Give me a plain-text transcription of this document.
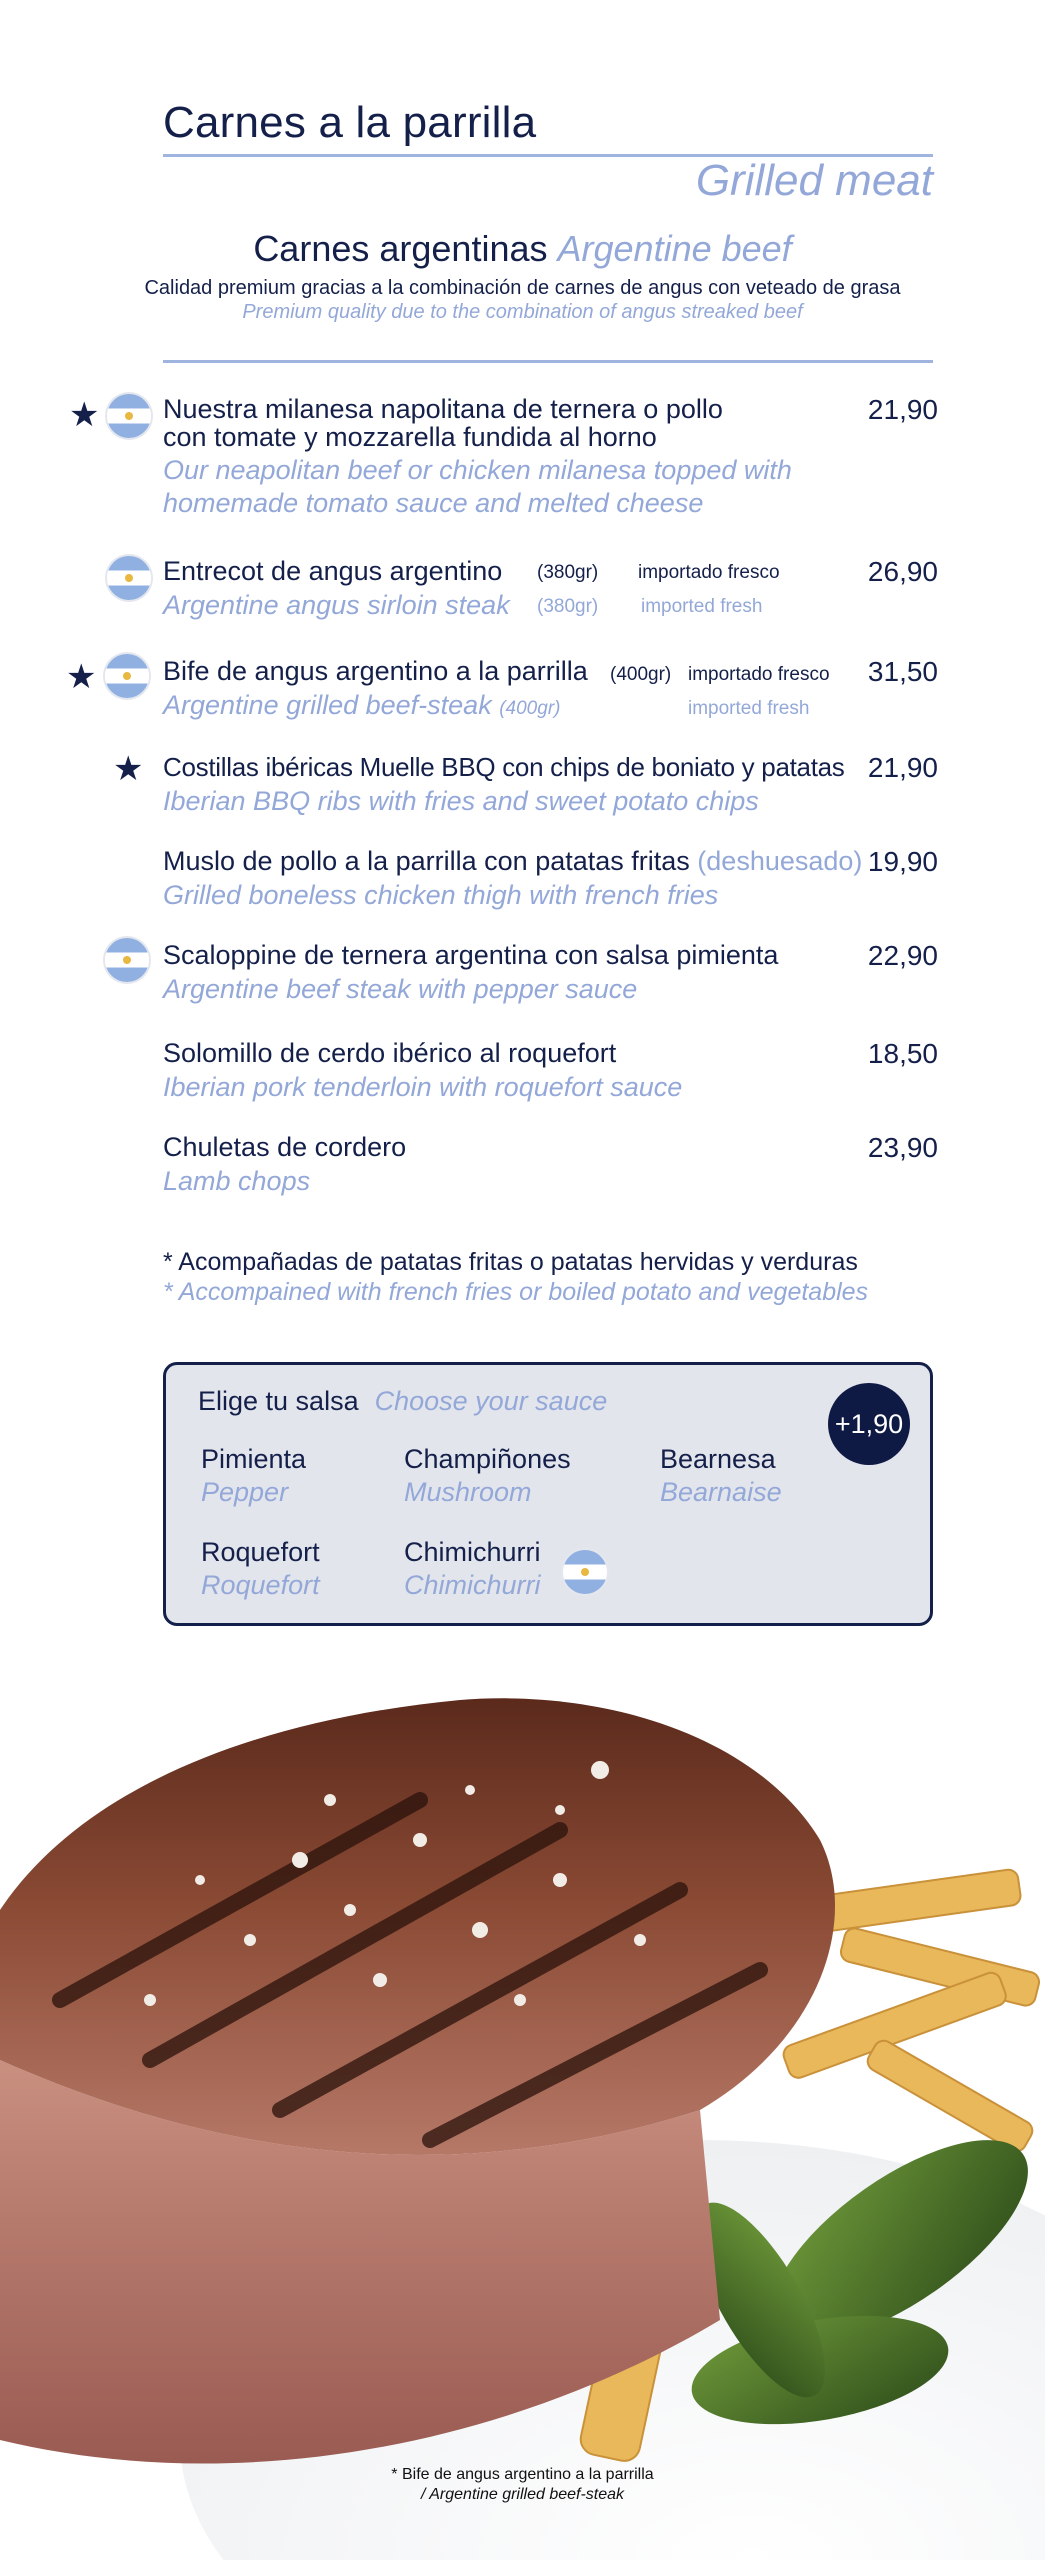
Carnes a la parrilla
Grilled meat
Carnes argentinas Argentine beef
Calidad premium gracias a la combinación de carnes de angus con veteado de grasa
Premium quality due to the combination of angus streaked beef
★ Nuestra milanesa napolitana de ternera o pollo
con tomate y mozzarella fundida al horno
Our neapolitan beef or chicken milanesa topped with
homemade tomato sauce and melted cheese
21,90
Entrecot de angus argentino (380gr) importado fresco
Argentine angus sirloin steak (380gr) imported fresh
26,90
★ Bife de angus argentino a la parrilla (400gr) importado fresco
Argentine grilled beef-steak (400gr)	imported fresh
31,50
★ Costillas ibéricas Muelle BBQ con chips de boniato y patatas
Iberian BBQ ribs with fries and sweet potato chips
21,90
Muslo de pollo a la parrilla con patatas fritas (deshuesado)
Grilled boneless chicken thigh with french fries
19,90
Scaloppine de ternera argentina con salsa pimienta
Argentine beef steak with pepper sauce
22,90
Solomillo de cerdo ibérico al roquefort
Iberian pork tenderloin with roquefort sauce
18,50
Chuletas de cordero
Lamb chops
23,90
* Acompañadas de patatas fritas o patatas hervidas y verduras
* Accompained with french fries or boiled potato and vegetables
Elige tu salsa Choose your sauce
+1,90
Pimienta
Pepper
Champiñones
Mushroom
Bearnesa
Bearnaise
Roquefort
Roquefort
Chimichurri
Chimichurri
* Bife de angus argentino a la parrilla
/ Argentine grilled beef-steak
